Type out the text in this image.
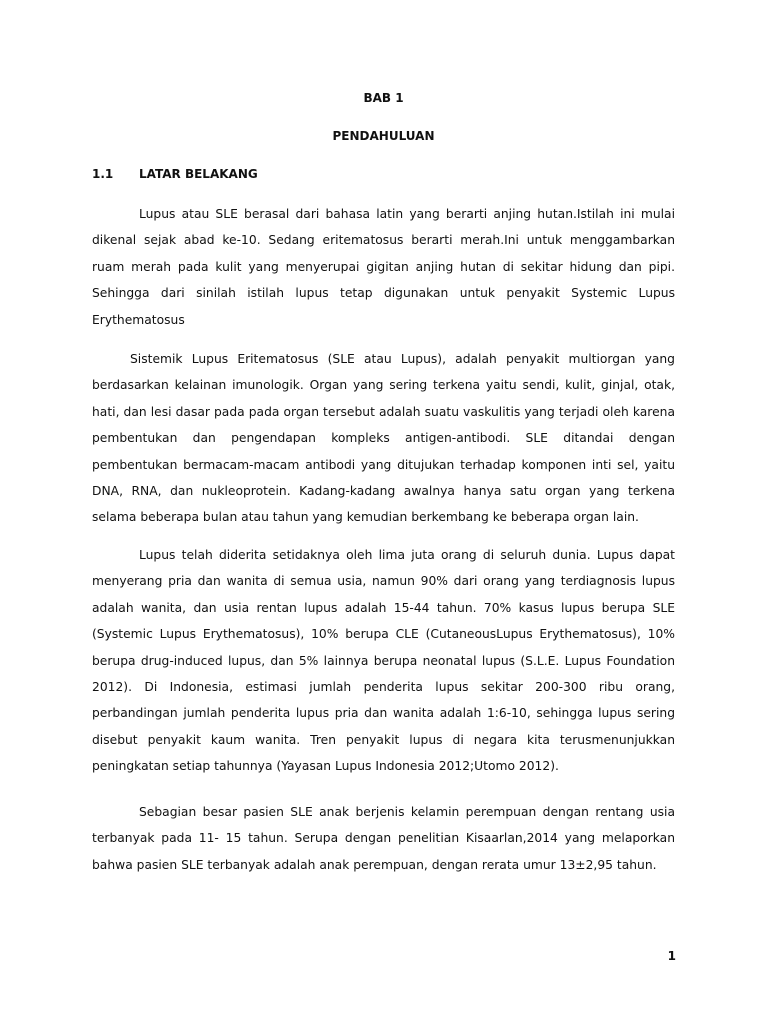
BAB 1
PENDAHULUAN
1.1 LATAR BELAKANG

Lupus atau SLE berasal dari bahasa latin yang berarti anjing hutan.Istilah ini mulai dikenal sejak abad ke-10. Sedang eritematosus berarti merah.Ini untuk menggambarkan ruam merah pada kulit yang menyerupai gigitan anjing hutan di sekitar hidung dan pipi. Sehingga dari sinilah istilah lupus tetap digunakan untuk penyakit Systemic Lupus Erythematosus

Sistemik Lupus Eritematosus (SLE atau Lupus), adalah penyakit multiorgan yang berdasarkan kelainan imunologik. Organ yang sering terkena yaitu sendi, kulit, ginjal, otak, hati, dan lesi dasar pada pada organ tersebut adalah suatu vaskulitis yang terjadi oleh karena pembentukan dan pengendapan kompleks antigen-antibodi. SLE ditandai dengan pembentukan bermacam-macam antibodi yang ditujukan terhadap komponen inti sel, yaitu DNA, RNA, dan nukleoprotein. Kadang-kadang awalnya hanya satu organ yang terkena selama beberapa bulan atau tahun yang kemudian berkembang ke beberapa organ lain.

Lupus telah diderita setidaknya oleh lima juta orang di seluruh dunia. Lupus dapat menyerang pria dan wanita di semua usia, namun 90% dari orang yang terdiagnosis lupus adalah wanita, dan usia rentan lupus adalah 15-44 tahun. 70% kasus lupus berupa SLE (Systemic Lupus Erythematosus), 10% berupa CLE (CutaneousLupus Erythematosus), 10% berupa drug-induced lupus, dan 5% lainnya berupa neonatal lupus (S.L.E. Lupus Foundation 2012). Di Indonesia, estimasi jumlah penderita lupus sekitar 200-300 ribu orang, perbandingan jumlah penderita lupus pria dan wanita adalah 1:6-10, sehingga lupus sering disebut penyakit kaum wanita. Tren penyakit lupus di negara kita terusmenunjukkan peningkatan setiap tahunnya (Yayasan Lupus Indonesia 2012;Utomo 2012).

Sebagian besar pasien SLE anak berjenis kelamin perempuan dengan rentang usia terbanyak pada 11- 15 tahun. Serupa dengan penelitian Kisaarlan,2014 yang melaporkan bahwa pasien SLE terbanyak adalah anak perempuan, dengan rerata umur 13±2,95 tahun.

1
